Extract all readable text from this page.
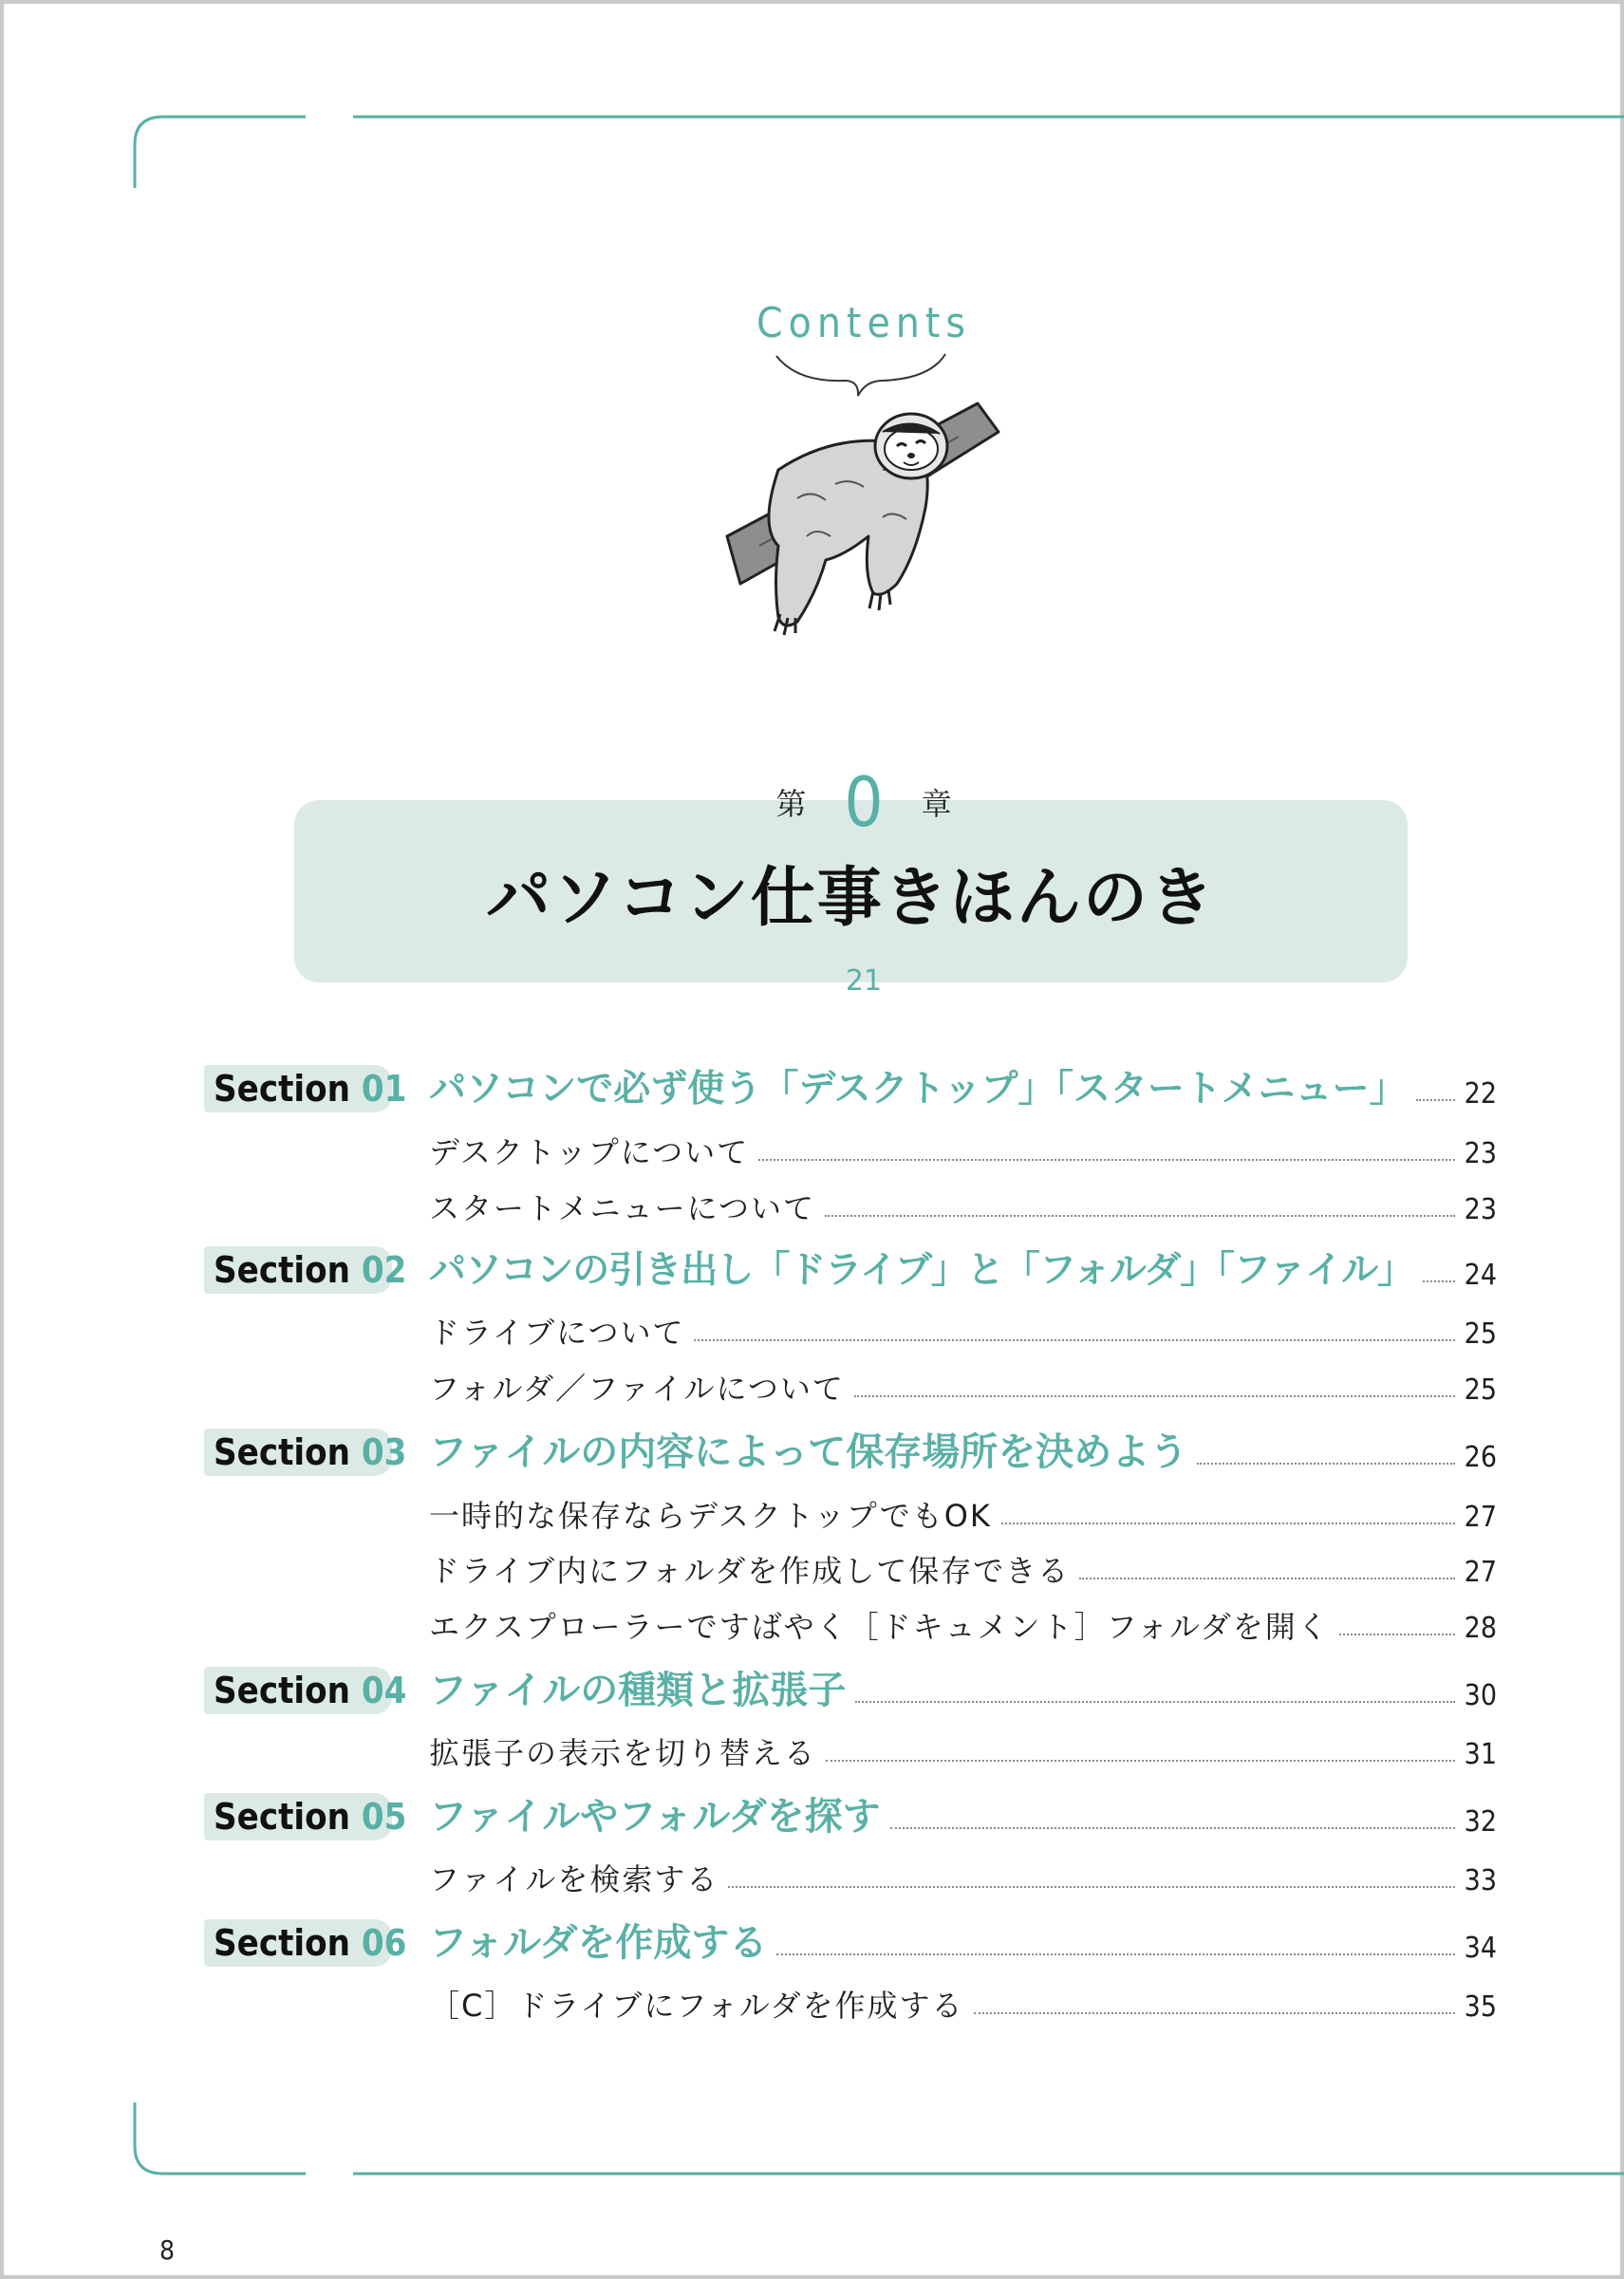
Contents
第 0 章
パソコン仕事きほんのき
21
Section 01 パソコンで必ず使う「デスクトップ」「スタートメニュー」 22
デスクトップについて	23
スタートメニューについて	23
Section 02 パソコンの引き出し「ドライブ」と「フォルダ」「ファイル」 24
ドライブについて	25
フォルダ／ファイルについて	25
Section 03 ファイルの内容によって保存場所を決めよう	26
一時的な保存ならデスクトップでもOK	27
ドライブ内にフォルダを作成して保存できる	27
エクスプローラーですばやく［ドキュメント］フォルダを開く	28
Section 04 ファイルの種類と拡張子	30
拡張子の表示を切り替える	31
Section 05 ファイルやフォルダを探す	32
ファイルを検索する	33
Section 06 フォルダを作成する	34
［C］ドライブにフォルダを作成する	35
8
